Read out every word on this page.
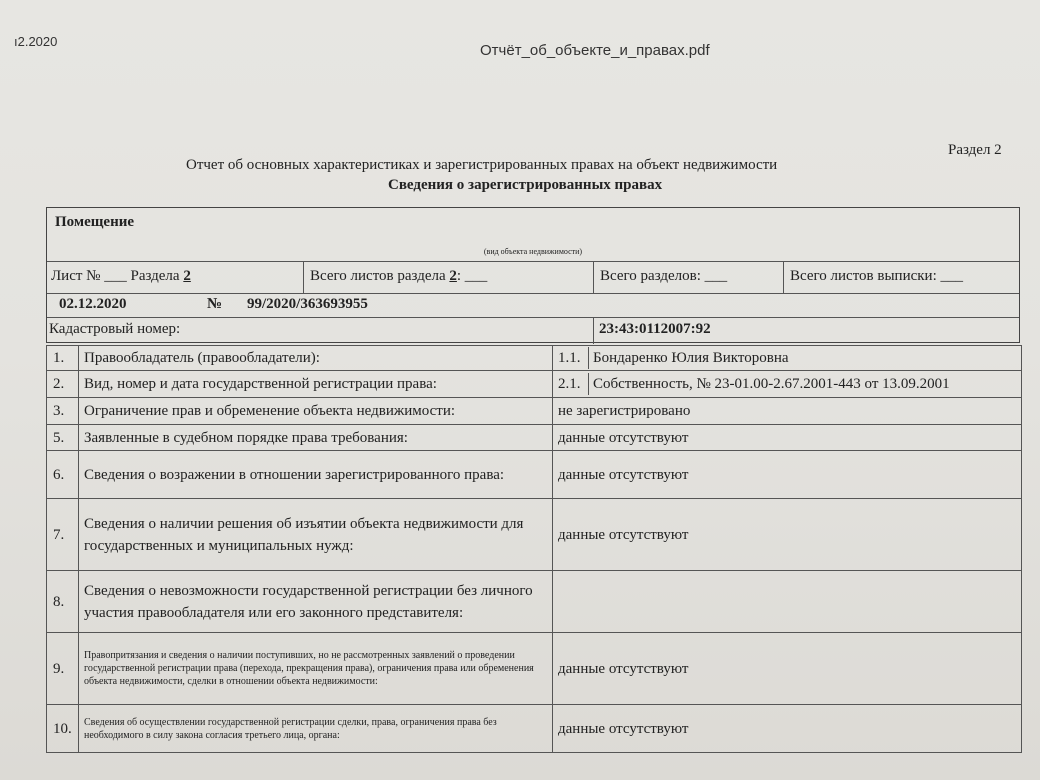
ı2.2020
Отчёт_об_объекте_и_правах.pdf
Раздел 2
Отчет об основных характеристиках и зарегистрированных правах на объект недвижимости
Сведения о зарегистрированных правах
Помещение
(вид объекта недвижимости)
Лист № ___ Раздела 2	Всего листов раздела 2: ___	Всего разделов: ___	Всего листов выписки: ___
02.12.2020	№ 99/2020/363693955
Кадастровый номер:	23:43:0112007:92
1.	Правообладатель (правообладатели):	1.1. Бондаренко Юлия Викторовна
2.	Вид, номер и дата государственной регистрации права:	2.1. Собственность, № 23-01.00-2.67.2001-443 от 13.09.2001
3.	Ограничение прав и обременение объекта недвижимости:	не зарегистрировано
5.	Заявленные в судебном порядке права требования:	данные отсутствуют
6.	Сведения о возражении в отношении зарегистрированного права:	данные отсутствуют
7.	Сведения о наличии решения об изъятии объекта недвижимости для государственных и муниципальных нужд:	данные отсутствуют
8.	Сведения о невозможности государственной регистрации без личного участия правообладателя или его законного представителя:	
9.	Правопритязания и сведения о наличии поступивших, но не рассмотренных заявлений о проведении государственной регистрации права (перехода, прекращения права), ограничения права или обременения объекта недвижимости, сделки в отношении объекта недвижимости:	данные отсутствуют
10.	Сведения об осуществлении государственной регистрации сделки, права, ограничения права без необходимого в силу закона согласия третьего лица, органа:	данные отсутствуют
